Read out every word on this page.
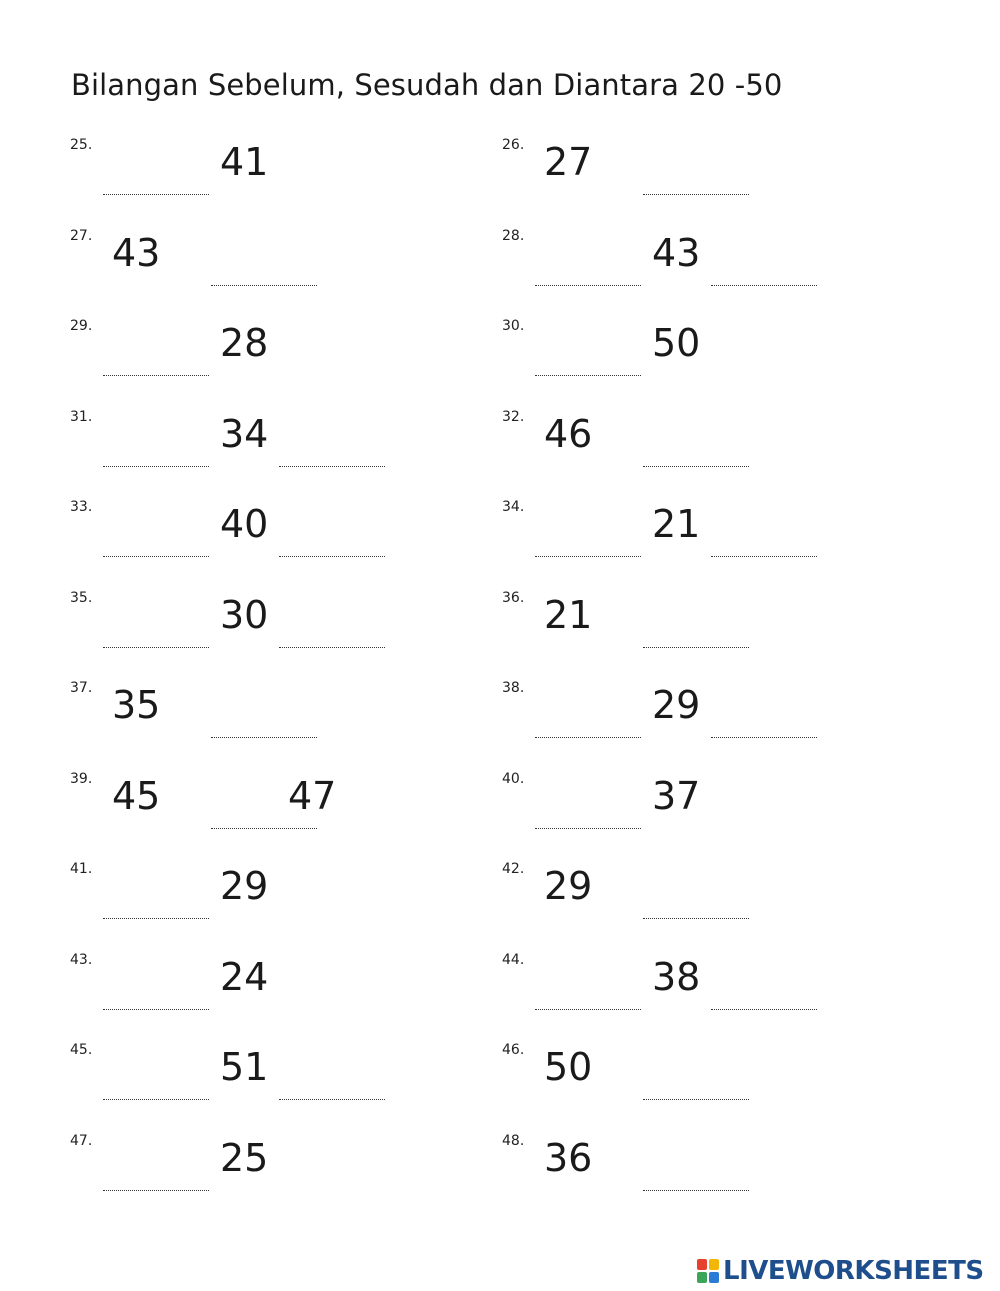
Bilangan Sebelum, Sesudah dan Diantara 20 -50
25.	41	26. 27
27. 43	28.	43
29.	28	30.	50
31.	34	32. 46
33.	40	34.	21
35.	30	36. 21
37. 35	38.	29
39. 45	47	40.	37
41.	29	42. 29
43.	24	44.	38
45.	51	46. 50
47.	25	48. 36
LIVEWORKSHEETS
